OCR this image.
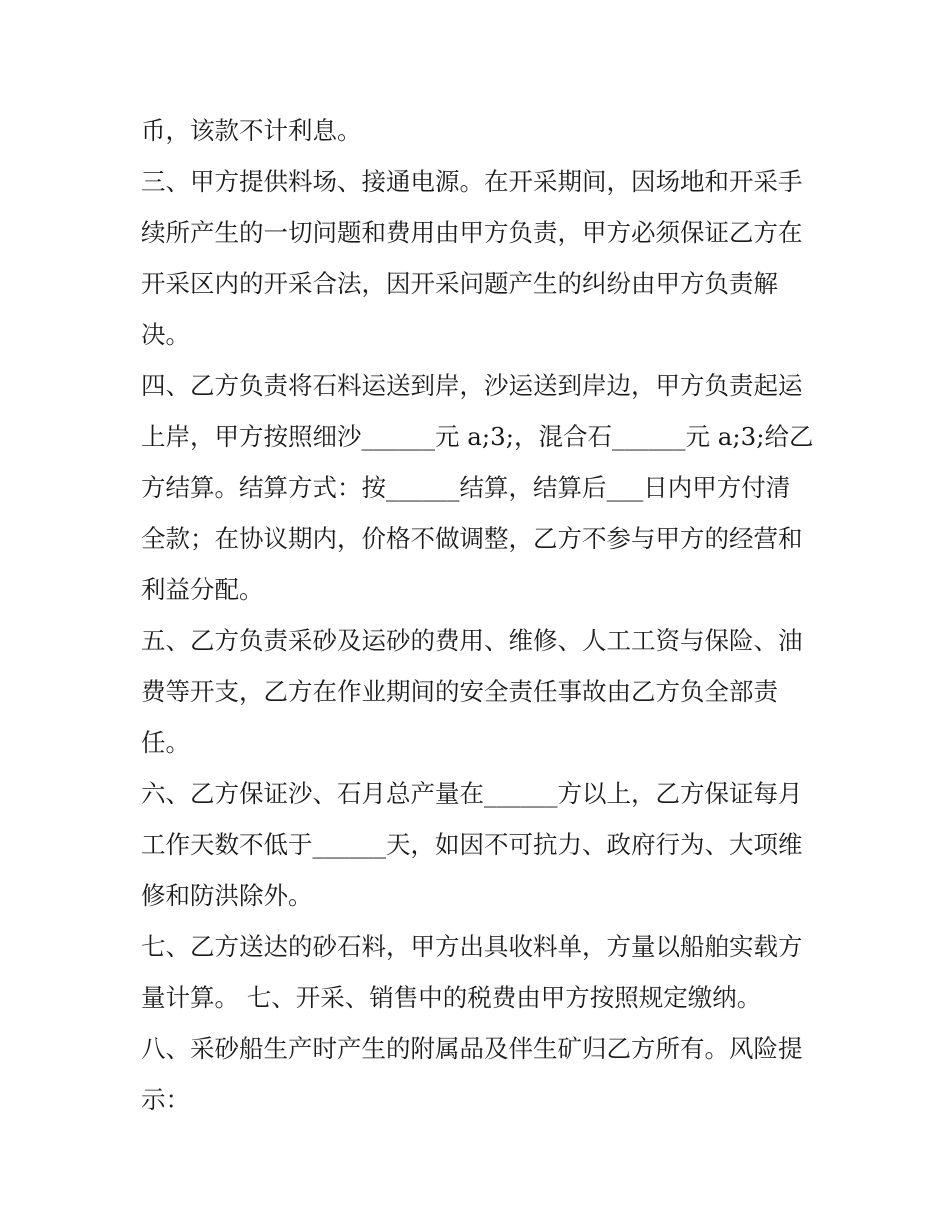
币，该款不计利息。
三、甲方提供料场、接通电源。在开采期间，因场地和开采手
续所产生的一切问题和费用由甲方负责，甲方必须保证乙方在
开采区内的开采合法，因开采问题产生的纠纷由甲方负责解
决。
四、乙方负责将石料运送到岸，沙运送到岸边，甲方负责起运
上岸，甲方按照细沙______元 a;3;，混合石______元 a;3;给乙
方结算。结算方式：按______结算，结算后___日内甲方付清
全款；在协议期内，价格不做调整，乙方不参与甲方的经营和
利益分配。
五、乙方负责采砂及运砂的费用、维修、人工工资与保险、油
费等开支，乙方在作业期间的安全责任事故由乙方负全部责
任。
六、乙方保证沙、石月总产量在______方以上，乙方保证每月
工作天数不低于______天，如因不可抗力、政府行为、大项维
修和防洪除外。
七、乙方送达的砂石料，甲方出具收料单，方量以船舶实载方
量计算。 七、开采、销售中的税费由甲方按照规定缴纳。
八、采砂船生产时产生的附属品及伴生矿归乙方所有。风险提
示：
